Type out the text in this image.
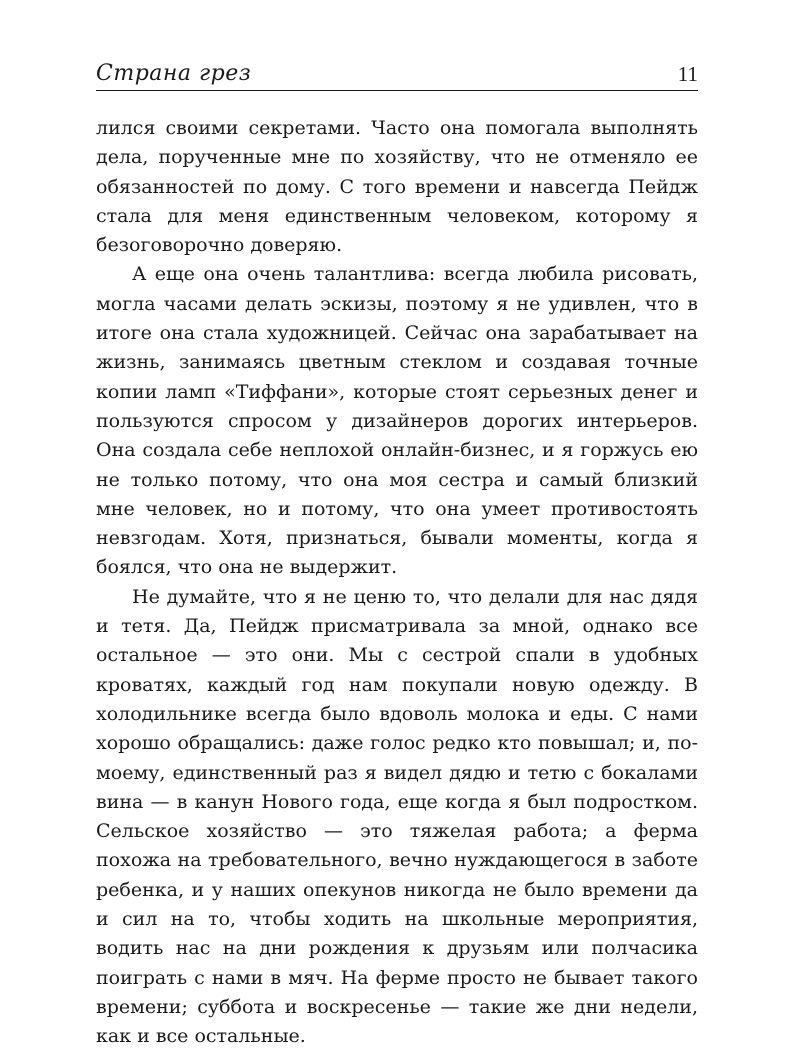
Страна грез	11

лился своими секретами. Часто она помогала выполнять дела, порученные мне по хозяйству, что не отменяло ее обязанностей по дому. С того времени и навсегда Пейдж стала для меня единственным человеком, которому я безоговорочно доверяю.

А еще она очень талантлива: всегда любила рисовать, могла часами делать эскизы, поэтому я не удивлен, что в итоге она стала художницей. Сейчас она зарабатывает на жизнь, занимаясь цветным стеклом и создавая точные копии ламп «Тиффани», которые стоят серьезных денег и пользуются спросом у дизайнеров дорогих интерьеров. Она создала себе неплохой онлайн-бизнес, и я горжусь ею не только потому, что она моя сестра и самый близкий мне человек, но и потому, что она умеет противостоять невзгодам. Хотя, признаться, бывали моменты, когда я боялся, что она не выдержит.

Не думайте, что я не ценю то, что делали для нас дядя и тетя. Да, Пейдж присматривала за мной, однако все остальное — это они. Мы с сестрой спали в удобных кроватях, каждый год нам покупали новую одежду. В холодильнике всегда было вдоволь молока и еды. С нами хорошо обращались: даже голос редко кто повышал; и, по-моему, единственный раз я видел дядю и тетю с бокалами вина — в канун Нового года, еще когда я был подростком. Сельское хозяйство — это тяжелая работа; а ферма похожа на требовательного, вечно нуждающегося в заботе ребенка, и у наших опекунов никогда не было времени да и сил на то, чтобы ходить на школьные мероприятия, водить нас на дни рождения к друзьям или полчасика поиграть с нами в мяч. На ферме просто не бывает такого времени; суббота и воскресенье — такие же дни недели, как и все остальные.
